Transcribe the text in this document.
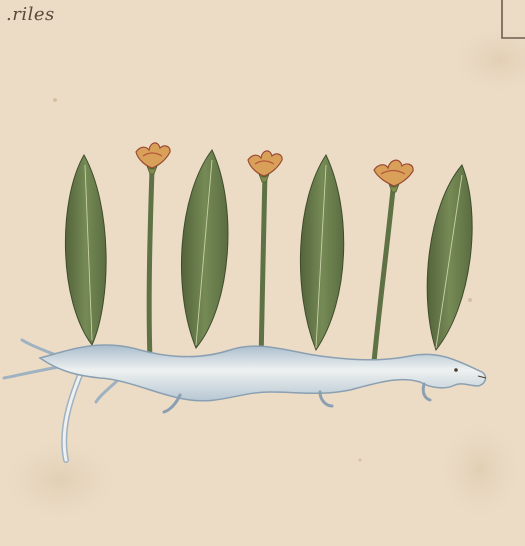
.riles
